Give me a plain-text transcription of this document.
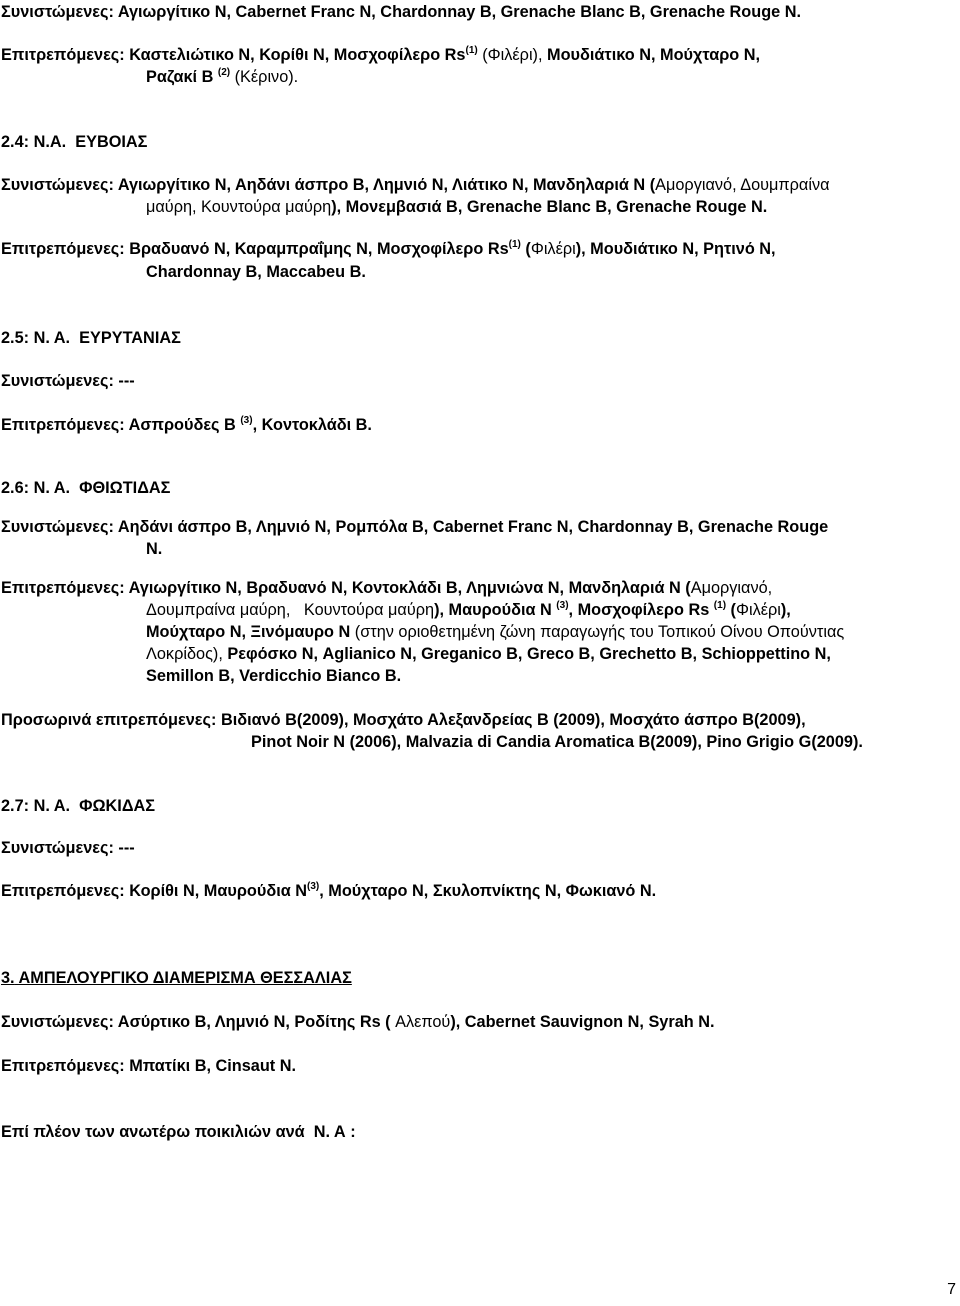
Συνιστώμενες: Αγιωργίτικο Ν, Cabernet Franc Ν, Chardonnay Β, Grenache Blanc Β, Grenache Rouge Ν.

Επιτρεπόμενες: Καστελιώτικο Ν, Κορίθι Ν, Μοσχοφίλερο Rs$^{(1)}$ (Φιλέρι), Μουδιάτικο Ν, Μούχταρο Ν,
Ραζακί Β $^{(2)}$ (Κέρινο).

2.4: Ν.Α. ΕΥΒΟΙΑΣ

Συνιστώμενες: Αγιωργίτικο Ν, Αηδάνι άσπρο Β, Λημνιό Ν, Λιάτικο Ν, Μανδηλαριά Ν (Αμοργιανό, Δουμπραίνα

μαύρη, Κουντούρα μαύρη), Μονεμβασιά Β, Grenache Blanc Β, Grenache Rouge Ν.

Επιτρεπόμενες: Βραδυανό Ν, Καραμπραΐμης Ν, Μοσχοφίλερο Rs$^{(1)}$ (Φιλέρι), Μουδιάτικο Ν, Ρητινό Ν,

Chardonnay Β, Maccabeu Β.

2.5: Ν. Α. ΕΥΡΥΤΑΝΙΑΣ
Συνιστώμενες: ---
Επιτρεπόμενες: Ασπρούδες Β $^{(3)}$, Κοντοκλάδι Β.
2.6: Ν. Α. ΦΘΙΩΤΙΔΑΣ

Συνιστώμενες: Αηδάνι άσπρο Β, Λημνιό Ν, Ρομπόλα Β, Cabernet Franc Ν, Chardonnay Β, Grenache Rouge

Ν.

Επιτρεπόμενες: Αγιωργίτικο Ν, Βραδυανό Ν, Κοντοκλάδι Β, Λημνιώνα Ν, Μανδηλαριά Ν (Αμοργιανό,

Δουμπραίνα μαύρη,   Κουντούρα μαύρη), Μαυρούδια Ν $^{(3)}$, Μοσχοφίλερο Rs $^{(1)}$ (Φιλέρι),

Μούχταρο Ν, Ξινόμαυρο Ν (στην οριοθετημένη ζώνη παραγωγής του Τοπικού Οίνου Οπούντιας

Λοκρίδος), Ρεφόσκο Ν, Aglianico Ν, Greganico Β, Greco Β, Grechetto Β, Schioppettino Ν,

Semillon Β, Verdicchio Bianco Β.

Προσωρινά επιτρεπόμενες: Βιδιανό Β(2009), Μοσχάτο Αλεξανδρείας Β (2009), Μοσχάτο άσπρο Β(2009),

Pinot Noir Ν (2006), Malvazia di Candia Aromatica Β(2009), Pino Grigio G(2009).

2.7: Ν. Α. ΦΩΚΙΔΑΣ
Συνιστώμενες: ---
Επιτρεπόμενες: Κορίθι Ν, Μαυρούδια $N^{(3)}$, Μούχταρο Ν, Σκυλοπνίκτης Ν, Φωκιανό Ν.
3. ΑΜΠΕΛΟΥΡΓΙΚΟ ΔΙΑΜΕΡΙΣΜΑ ΘΕΣΣΑΛΙΑΣ
Συνιστώμενες: Ασύρτικο Β, Λημνιό Ν, Ροδίτης Rs ( Αλεπού), Cabernet Sauvignon Ν, Syrah Ν.
Επιτρεπόμενες: Μπατίκι Β, Cinsaut Ν.
Επί πλέον των ανωτέρω ποικιλιών ανά  Ν. Α :
7
